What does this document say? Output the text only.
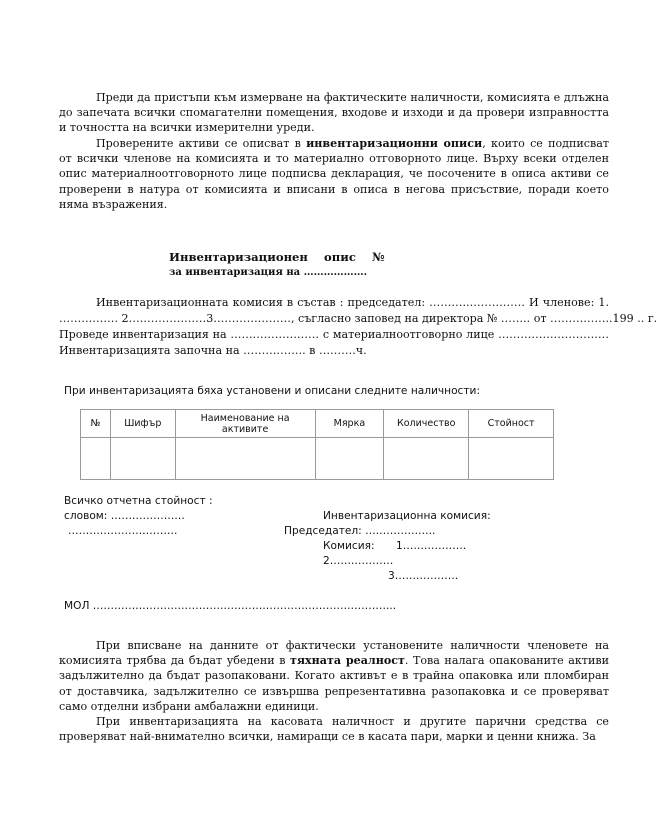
Преди да пристъпи към измерване на фактическите наличности, комисията е длъжна до запечата всички спомагателни помещения, входове и изходи и да провери изправността и точността на всички измерителни уреди.
Проверените активи се описват в инвентаризационни описи, които се подписват от всички членове на комисията и то материално отговорното лице. Върху всеки отделен опис материалноотговорното лице подписва декларация, че посочените в описа активи се проверени в натура от комисията и вписани в описа в негова присъствие, поради което няма възражения.
Инвентаризационен    опис    №
за инвентаризация на ……………….
Инвентаризационната комисия в състав : председател: ………..…………… И членове: 1.
……………. 2…………………3…………………, съгласно заповед на директора № …….. от ……………..199 .. г.
Проведе инвентаризация на …………………… с материалноотговорно лице …………………………
Инвентаризацията започна на …………….. в ……….ч.
При инвентаризацията бяха установени и описани следните наличности:
№	Шифър	Наименование на активите	Мярка	Количество	Стойност

Всичко отчетна стойност :
словом: …………………
………………………….
Инвентаризационна комисия:
Председател: ………………..
Комисия: 1………………
2………………
3………………
МОЛ …………………………………………………………………………..
При вписване на данните от фактически установените наличности членовете на комисията трябва да бъдат убедени в тяхната реалност. Това налага опакованите активи задължително да бъдат разопаковани. Когато активът е в трайна опаковка или пломбиран от доставчика, задължително се извършва репрезентативна разопаковка и се проверяват само отделни избрани амбалажни единици.
При инвентаризацията на касовата наличност и другите парични средства се проверяват най-внимателно всички, намиращи се в касата пари, марки и ценни книжа. За
